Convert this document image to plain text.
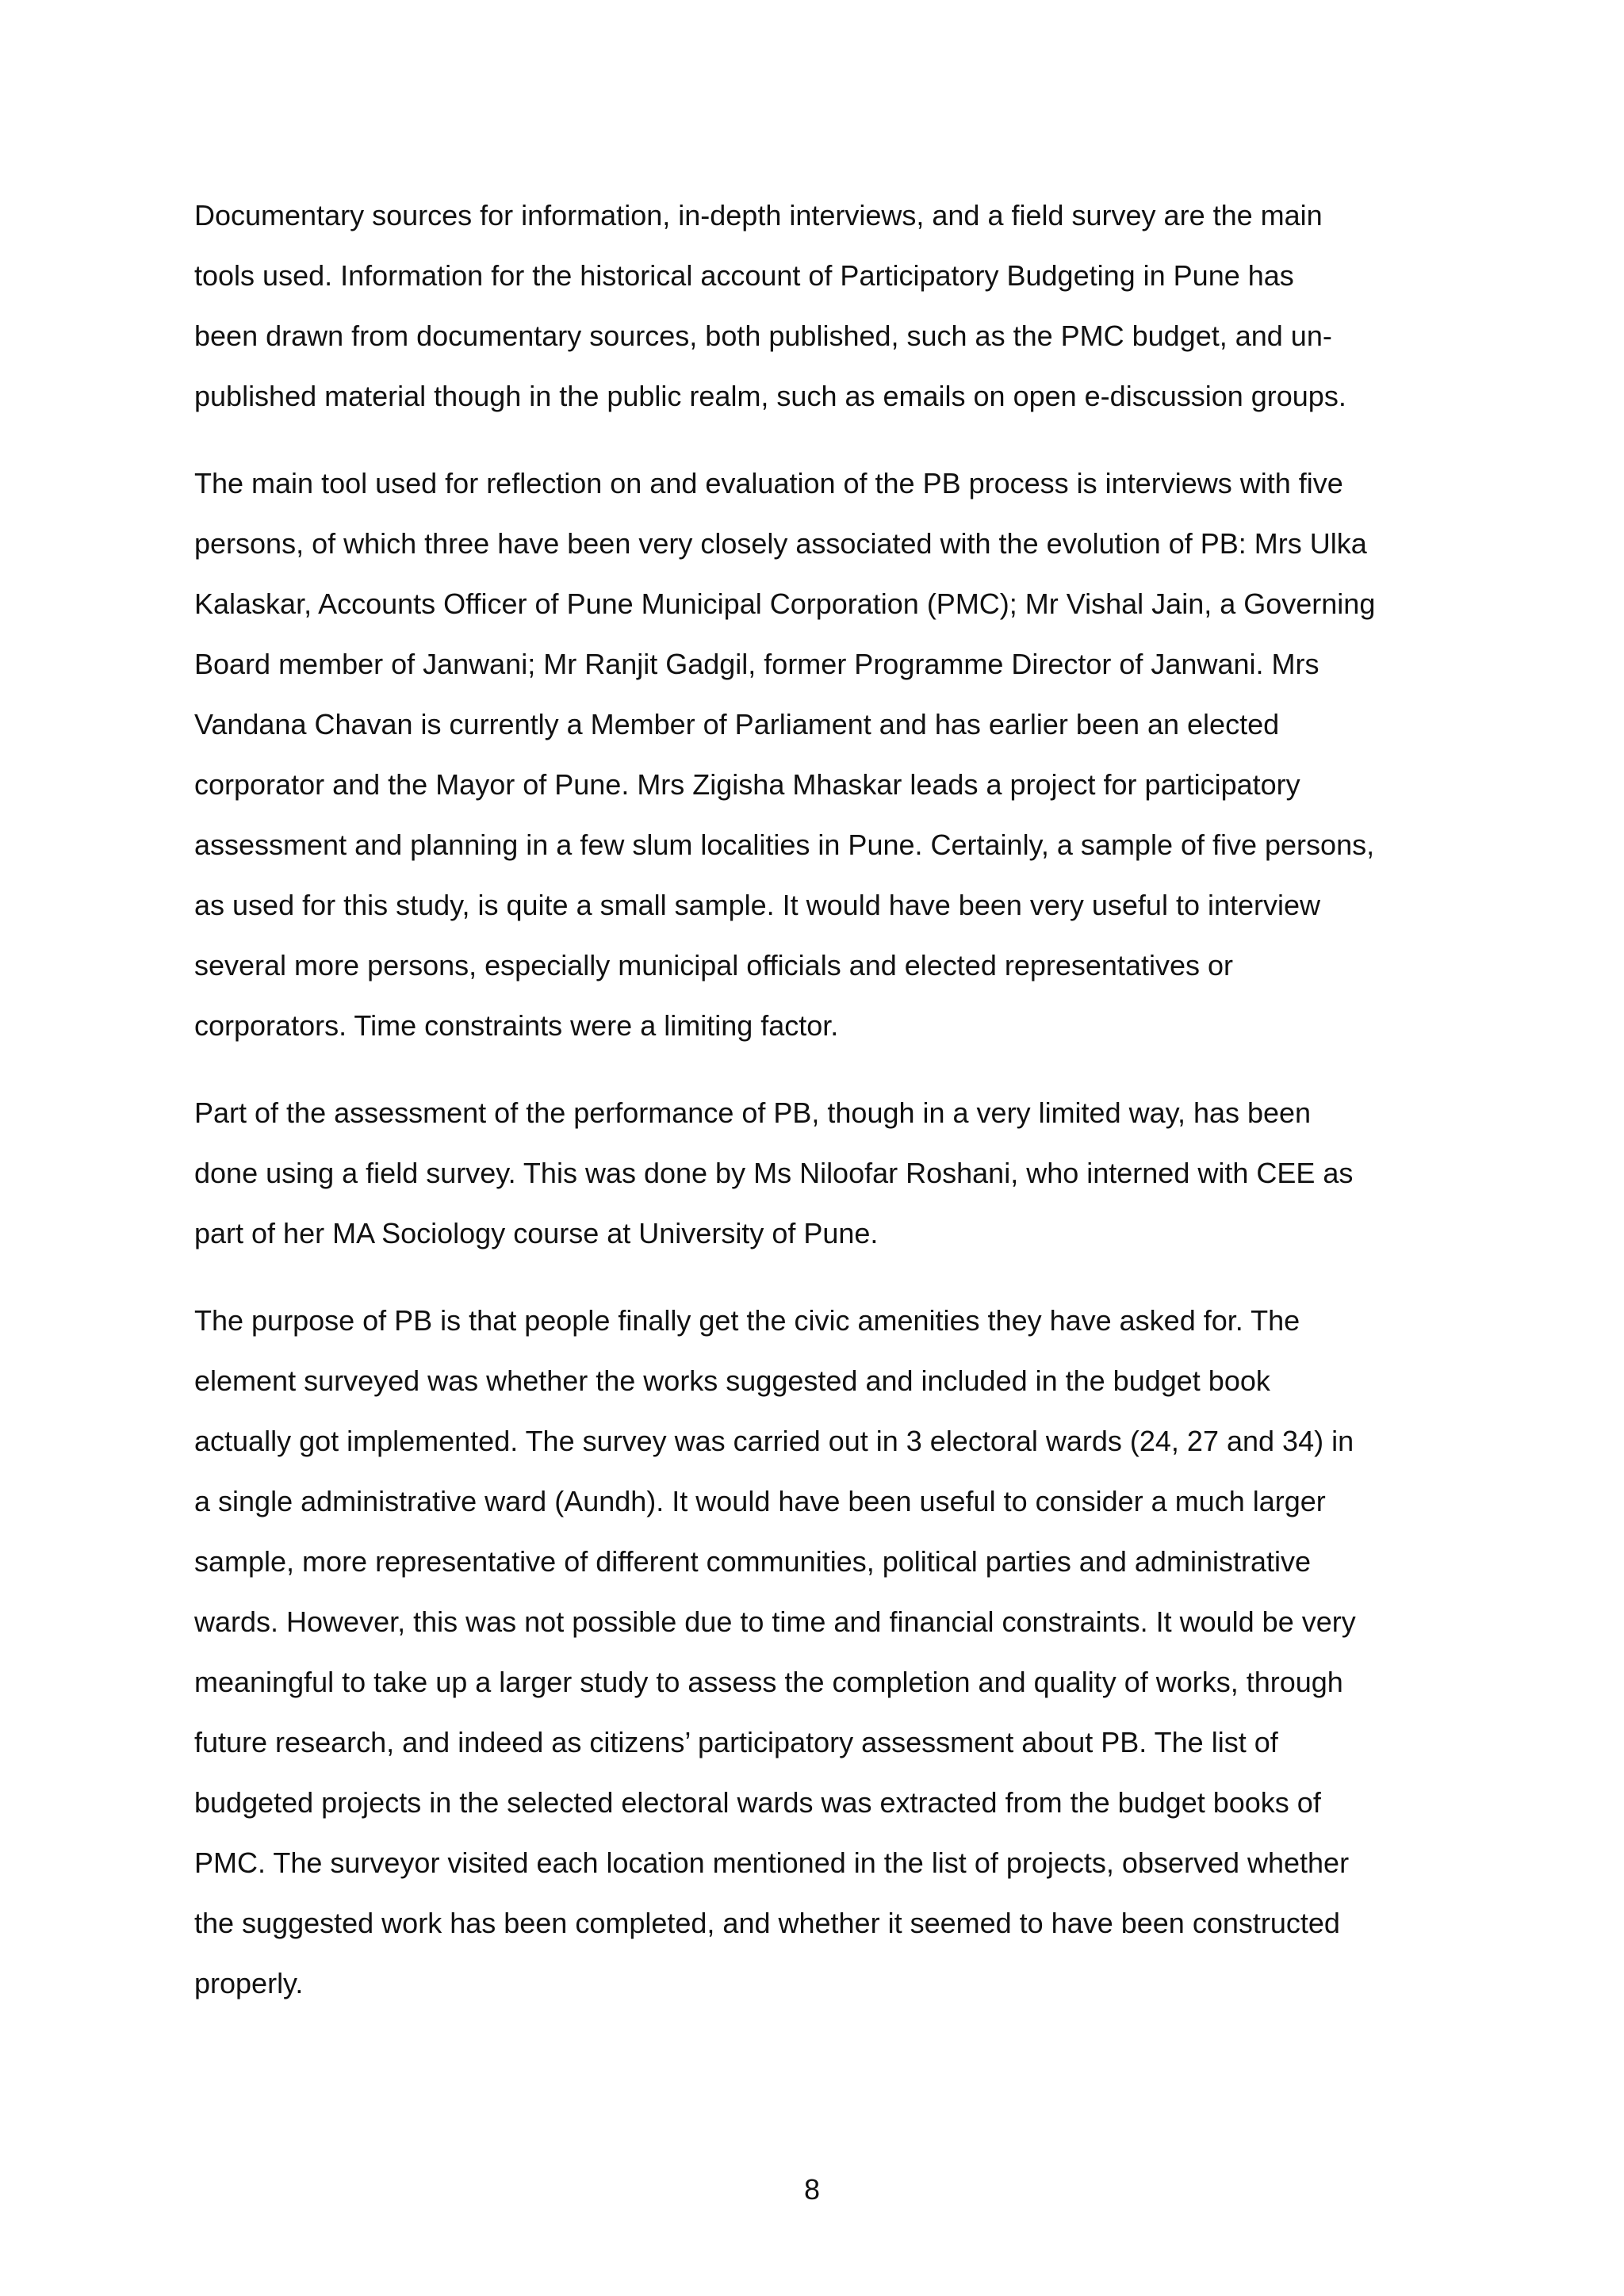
Documentary sources for information, in-depth interviews, and a field survey are the main
tools used. Information for the historical account of Participatory Budgeting in Pune has
been drawn from documentary sources, both published, such as the PMC budget, and un-
published material though in the public realm, such as emails on open e-discussion groups.

The main tool used for reflection on and evaluation of the PB process is interviews with five
persons, of which three have been very closely associated with the evolution of PB: Mrs Ulka
Kalaskar, Accounts Officer of Pune Municipal Corporation (PMC); Mr Vishal Jain, a Governing
Board member of Janwani; Mr Ranjit Gadgil, former Programme Director of Janwani. Mrs
Vandana Chavan is currently a Member of Parliament and has earlier been an elected
corporator and the Mayor of Pune. Mrs Zigisha Mhaskar leads a project for participatory
assessment and planning in a few slum localities in Pune. Certainly, a sample of five persons,
as used for this study, is quite a small sample. It would have been very useful to interview
several more persons, especially municipal officials and elected representatives or
corporators. Time constraints were a limiting factor.

Part of the assessment of the performance of PB, though in a very limited way, has been
done using a field survey. This was done by Ms Niloofar Roshani, who interned with CEE as
part of her MA Sociology course at University of Pune.

The purpose of PB is that people finally get the civic amenities they have asked for. The
element surveyed was whether the works suggested and included in the budget book
actually got implemented. The survey was carried out in 3 electoral wards (24, 27 and 34) in
a single administrative ward (Aundh). It would have been useful to consider a much larger
sample, more representative of different communities, political parties and administrative
wards. However, this was not possible due to time and financial constraints. It would be very
meaningful to take up a larger study to assess the completion and quality of works, through
future research, and indeed as citizens’ participatory assessment about PB. The list of
budgeted projects in the selected electoral wards was extracted from the budget books of
PMC. The surveyor visited each location mentioned in the list of projects, observed whether
the suggested work has been completed, and whether it seemed to have been constructed
properly.

8
